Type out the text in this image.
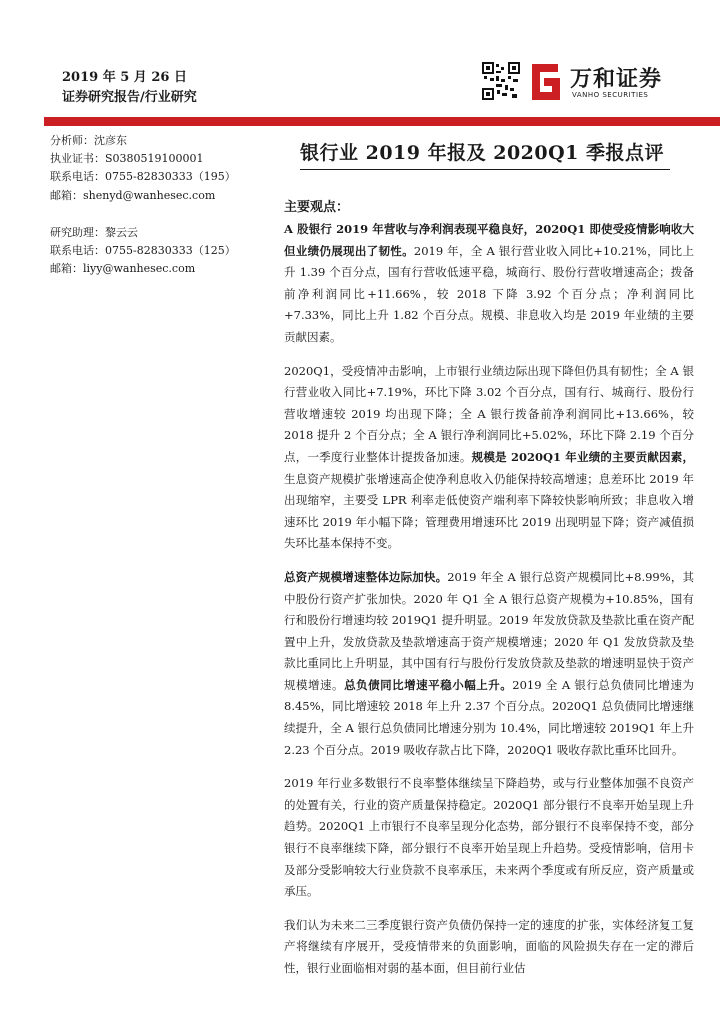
2019 年 5 月 26 日
证券研究报告/行业研究
万和证券
VANHO SECURITIES
分析师：沈彦东
执业证书：S0380519100001
联系电话：0755-82830333（195）
邮箱：shenyd@wanhesec.com
研究助理：黎云云
联系电话：0755-82830333（125）
邮箱：liyy@wanhesec.com
银行业 2019 年报及 2020Q1 季报点评
主要观点：

A 股银行 2019 年营收与净利润表现平稳良好，2020Q1 即使受疫情影响收大但业绩仍展现出了韧性。2019 年，全 A 银行营业收入同比+10.21%，同比上升 1.39 个百分点，国有行营收低速平稳，城商行、股份行营收增速高企；拨备前净利润同比+11.66%，较 2018 下降 3.92 个百分点；净利润同比+7.33%，同比上升 1.82 个百分点。规模、非息收入均是 2019 年业绩的主要贡献因素。

2020Q1，受疫情冲击影响，上市银行业绩边际出现下降但仍具有韧性；全 A 银行营业收入同比+7.19%，环比下降 3.02 个百分点，国有行、城商行、股份行营收增速较 2019 均出现下降；全 A 银行拨备前净利润同比+13.66%，较 2018 提升 2 个百分点；全 A 银行净利润同比+5.02%，环比下降 2.19 个百分点，一季度行业整体计提拨备加速。规模是 2020Q1 年业绩的主要贡献因素，生息资产规模扩张增速高企使净利息收入仍能保持较高增速；息差环比 2019 年出现缩窄，主要受 LPR 利率走低使资产端利率下降较快影响所致；非息收入增速环比 2019 年小幅下降；管理费用增速环比 2019 出现明显下降；资产减值损失环比基本保持不变。

总资产规模增速整体边际加快。2019 年全 A 银行总资产规模同比+8.99%，其中股份行资产扩张加快。2020 年 Q1 全 A 银行总资产规模为+10.85%，国有行和股份行增速均较 2019Q1 提升明显。2019 年发放贷款及垫款比重在资产配置中上升，发放贷款及垫款增速高于资产规模增速；2020 年 Q1 发放贷款及垫款比重同比上升明显，其中国有行与股份行发放贷款及垫款的增速明显快于资产规模增速。总负债同比增速平稳小幅上升。2019 全 A 银行总负债同比增速为 8.45%，同比增速较 2018 年上升 2.37 个百分点。2020Q1 总负债同比增速继续提升，全 A 银行总负债同比增速分别为 10.4%，同比增速较 2019Q1 年上升 2.23 个百分点。2019 吸收存款占比下降，2020Q1 吸收存款比重环比回升。

2019 年行业多数银行不良率整体继续呈下降趋势，或与行业整体加强不良资产的处置有关，行业的资产质量保持稳定。2020Q1 部分银行不良率开始呈现上升趋势。2020Q1 上市银行不良率呈现分化态势，部分银行不良率保持不变，部分银行不良率继续下降，部分银行不良率开始呈现上升趋势。受疫情影响，信用卡及部分受影响较大行业贷款不良率承压，未来两个季度或有所反应，资产质量或承压。

我们认为未来二三季度银行资产负债仍保持一定的速度的扩张，实体经济复工复产将继续有序展开，受疫情带来的负面影响，面临的风险损失存在一定的滞后性，银行业面临相对弱的基本面，但目前行业估
